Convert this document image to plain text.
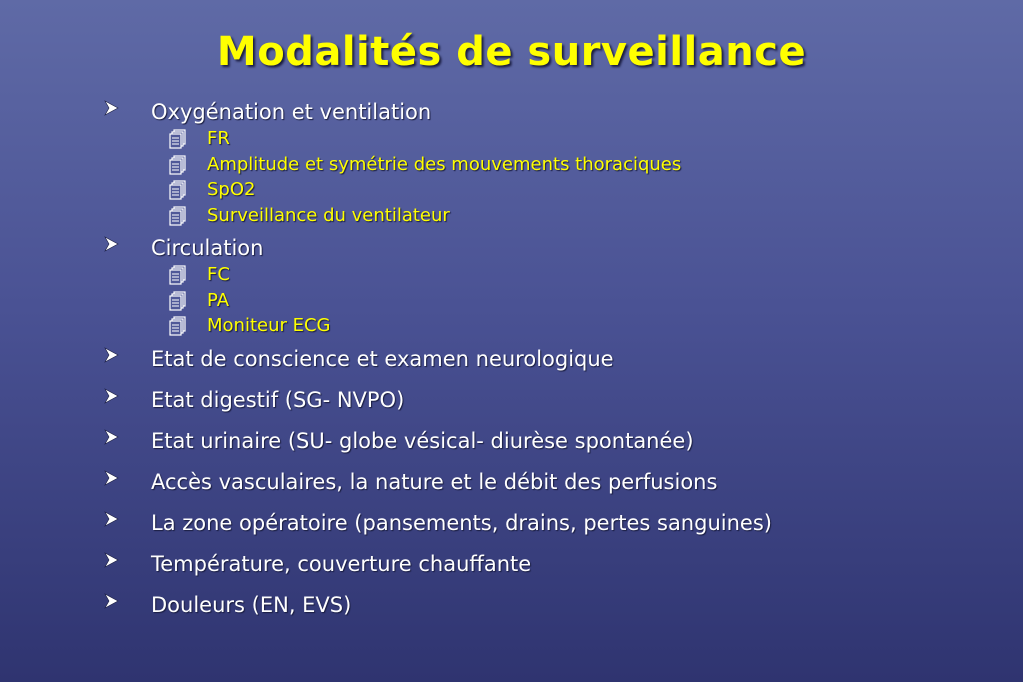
Modalités de surveillance
Oxygénation et ventilation
FR
Amplitude et symétrie des mouvements thoraciques
SpO2
Surveillance du ventilateur
Circulation
FC
PA
Moniteur ECG
Etat de conscience et examen neurologique
Etat digestif (SG- NVPO)
Etat urinaire (SU- globe vésical- diurèse spontanée)
Accès vasculaires, la nature et le débit des perfusions
La zone opératoire (pansements, drains, pertes sanguines)
Température, couverture chauffante
Douleurs (EN, EVS)
